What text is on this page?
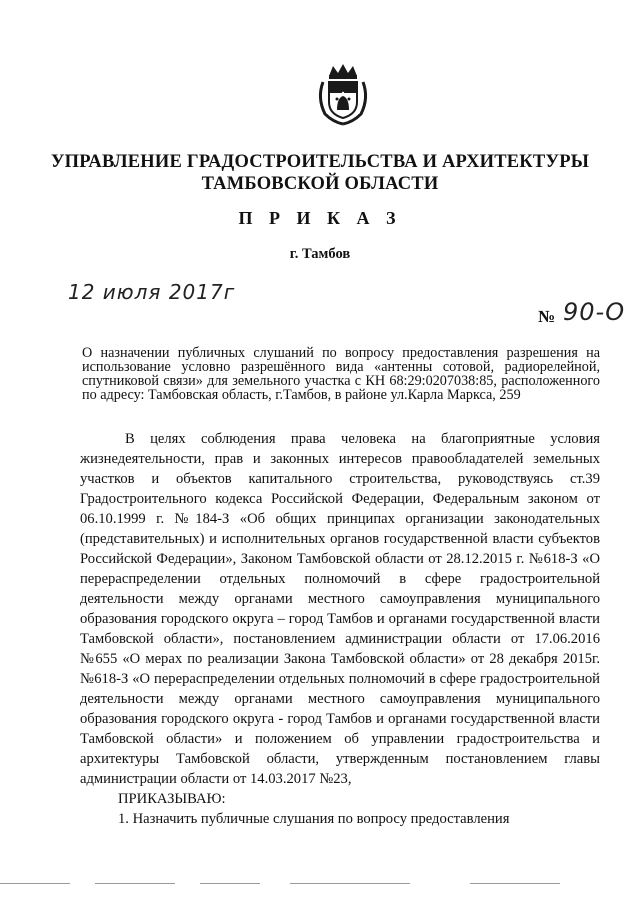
УПРАВЛЕНИЕ ГРАДОСТРОИТЕЛЬСТВА И АРХИТЕКТУРЫ
ТАМБОВСКОЙ ОБЛАСТИ
П Р И К А З
г. Тамбов
12 июля 2017г
№ 90-О
О назначении публичных слушаний по вопросу предоставления разрешения на использование условно разрешённого вида «антенны сотовой, радиорелейной, спутниковой связи» для земельного участка с КН 68:29:0207038:85, расположенного по адресу: Тамбовская область, г.Тамбов, в районе ул.Карла Маркса, 259

В целях соблюдения права человека на благоприятные условия жизнедеятельности, прав и законных интересов правообладателей земельных участков и объектов капитального строительства, руководствуясь ст.39 Градостроительного кодекса Российской Федерации, Федеральным законом от 06.10.1999 г. №184-З «Об общих принципах организации законодательных (представительных) и исполнительных органов государственной власти субъектов Российской Федерации», Законом Тамбовской области от 28.12.2015 г. №618-З «О перераспределении отдельных полномочий в сфере градостроительной деятельности между органами местного самоуправления муниципального образования городского округа – город Тамбов и органами государственной власти Тамбовской области», постановлением администрации области от 17.06.2016 №655 «О мерах по реализации Закона Тамбовской области» от 28 декабря 2015г. №618-З «О перераспределении отдельных полномочий в сфере градостроительной деятельности между органами местного самоуправления муниципального образования городского округа - город Тамбов и органами государственной власти Тамбовской области» и положением об управлении градостроительства и архитектуры Тамбовской области, утвержденным постановлением главы администрации области от 14.03.2017 №23,

ПРИКАЗЫВАЮ:

1. Назначить публичные слушания по вопросу предоставления
